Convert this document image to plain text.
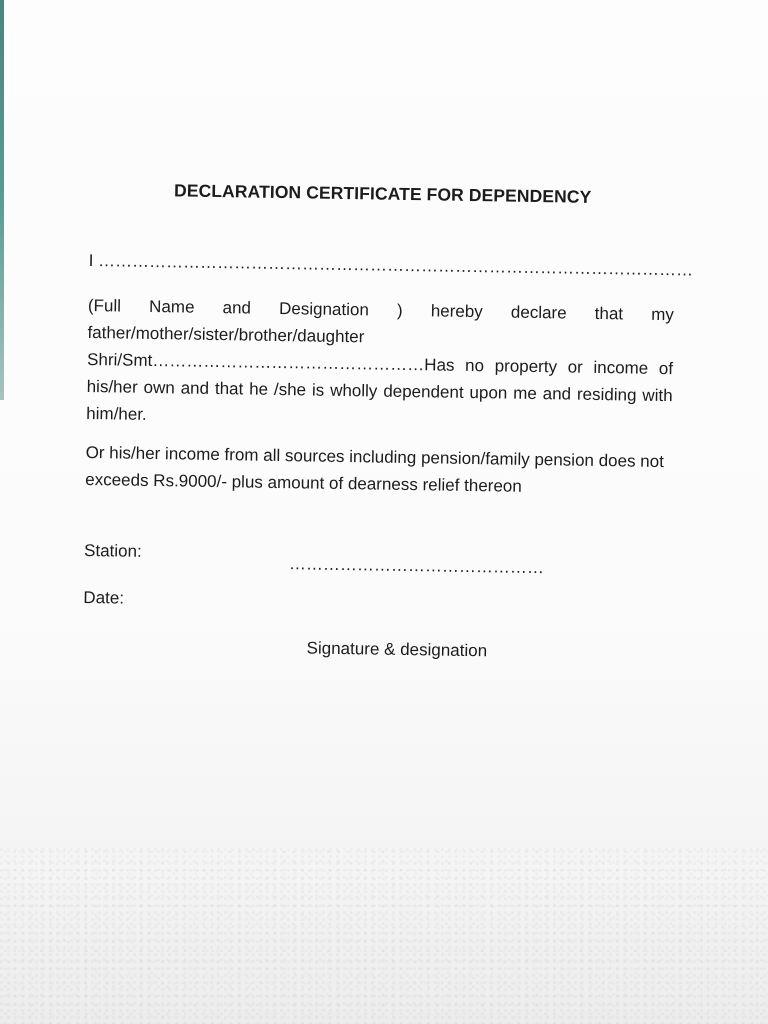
DECLARATION CERTIFICATE FOR DEPENDENCY
I ……………………………………………………………………………………………

(Full Name and Designation ) hereby declare that my father/mother/sister/brother/daughter Shri/Smt…………………………………………Has no property or income of his/her own and that he /she is wholly dependent upon me and residing with him/her.

Or his/her income from all sources including pension/family pension does not exceeds Rs.9000/- plus amount of dearness relief thereon

Station:
………………………………………
Date:
Signature & designation
